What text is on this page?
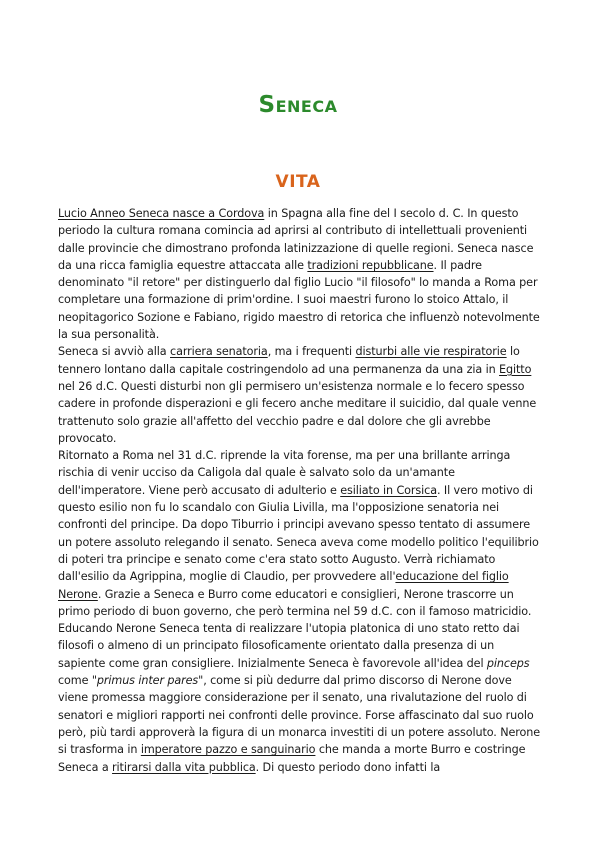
Seneca
VITA

Lucio Anneo Seneca nasce a Cordova in Spagna alla fine del I secolo d. C. In questo periodo la cultura romana comincia ad aprirsi al contributo di intellettuali provenienti dalle provincie che dimostrano profonda latinizzazione di quelle regioni. Seneca nasce da una ricca famiglia equestre attaccata alle tradizioni repubblicane. Il padre denominato "il retore" per distinguerlo dal figlio Lucio "il filosofo" lo manda a Roma per completare una formazione di prim'ordine. I suoi maestri furono lo stoico Attalo, il neopitagorico Sozione e Fabiano, rigido maestro di retorica che influenzò notevolmente la sua personalità.

Seneca si avviò alla carriera senatoria, ma i frequenti disturbi alle vie respiratorie lo tennero lontano dalla capitale costringendolo ad una permanenza da una zia in Egitto nel 26 d.C. Questi disturbi non gli permisero un'esistenza normale e lo fecero spesso cadere in profonde disperazioni e gli fecero anche meditare il suicidio, dal quale venne trattenuto solo grazie all'affetto del vecchio padre e dal dolore che gli avrebbe provocato.

Ritornato a Roma nel 31 d.C. riprende la vita forense, ma per una brillante arringa rischia di venir ucciso da Caligola dal quale è salvato solo da un'amante dell'imperatore. Viene però accusato di adulterio e esiliato in Corsica. Il vero motivo di questo esilio non fu lo scandalo con Giulia Livilla, ma l'opposizione senatoria nei confronti del principe. Da dopo Tiburrio i principi avevano spesso tentato di assumere un potere assoluto relegando il senato. Seneca aveva come modello politico l'equilibrio di poteri tra principe e senato come c'era stato sotto Augusto. Verrà richiamato dall'esilio da Agrippina, moglie di Claudio, per provvedere all'educazione del figlio Nerone. Grazie a Seneca e Burro come educatori e consiglieri, Nerone trascorre un primo periodo di buon governo, che però termina nel 59 d.C. con il famoso matricidio. Educando Nerone Seneca tenta di realizzare l'utopia platonica di uno stato retto dai filosofi o almeno di un principato filosoficamente orientato dalla presenza di un sapiente come gran consigliere. Inizialmente Seneca è favorevole all'idea del pinceps come "primus inter pares", come si più dedurre dal primo discorso di Nerone dove viene promessa maggiore considerazione per il senato, una rivalutazione del ruolo di senatori e migliori rapporti nei confronti delle province. Forse affascinato dal suo ruolo però, più tardi approverà la figura di un monarca investiti di un potere assoluto. Nerone si trasforma in imperatore pazzo e sanguinario che manda a morte Burro e costringe Seneca a ritirarsi dalla vita pubblica. Di questo periodo dono infatti la
